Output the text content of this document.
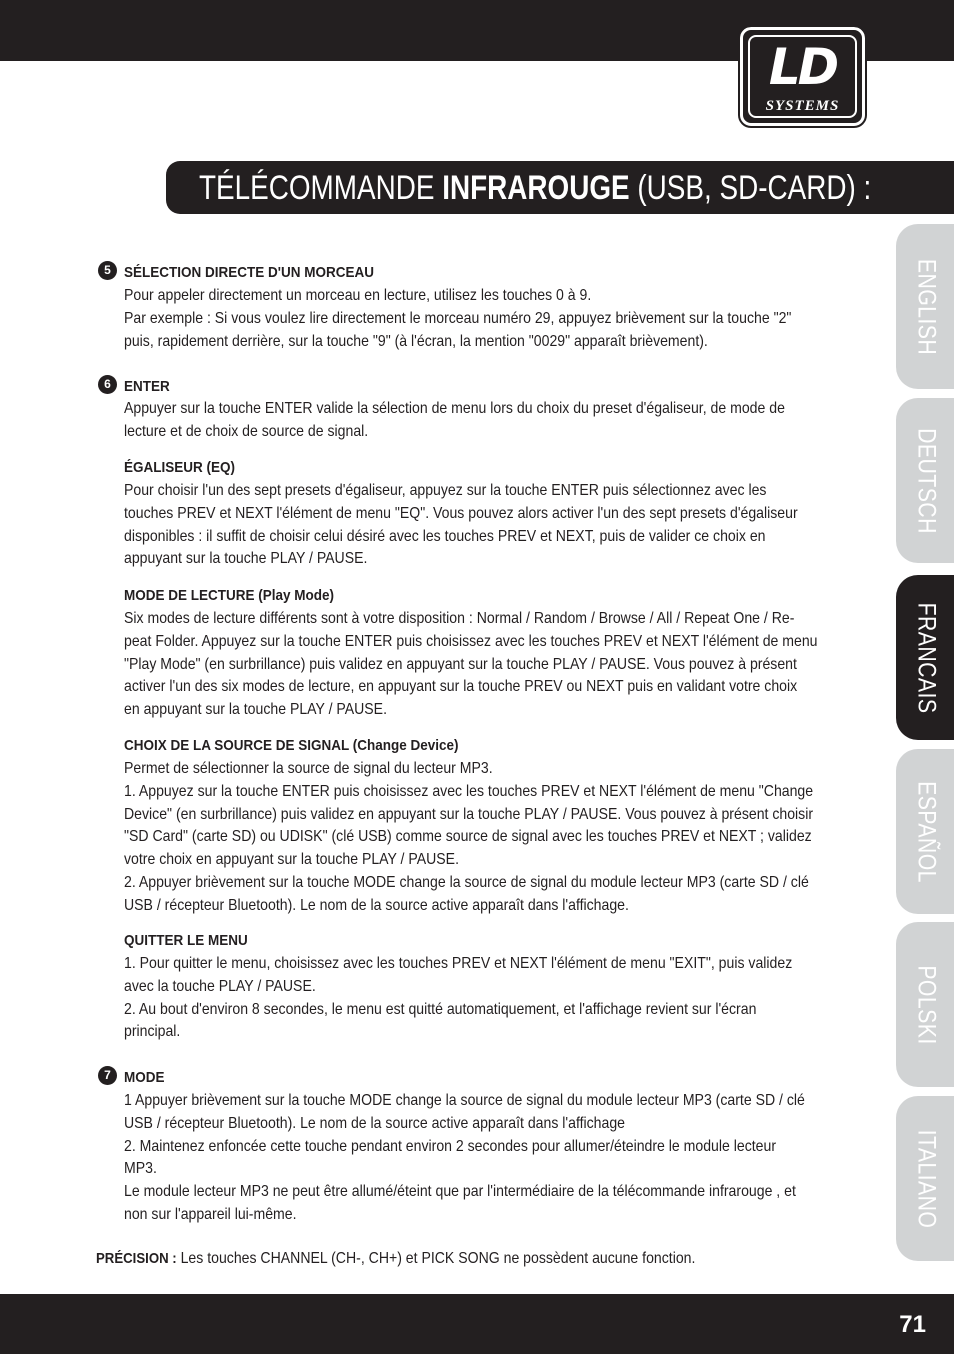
LD
SYSTEMS
TÉLÉCOMMANDE INFRAROUGE (USB, SD-CARD) :
ENGLISH
DEUTSCH
FRANCAIS
ESPAÑOL
POLSKI
ITALIANO
5 SÉLECTION DIRECTE D'UN MORCEAU
Pour appeler directement un morceau en lecture, utilisez les touches 0 à 9.
Par exemple : Si vous voulez lire directement le morceau numéro 29, appuyez brièvement sur la touche "2"
puis, rapidement derrière, sur la touche "9" (à l'écran, la mention "0029" apparaît brièvement).
6 ENTER
Appuyer sur la touche ENTER valide la sélection de menu lors du choix du preset d'égaliseur, de mode de
lecture et de choix de source de signal.
ÉGALISEUR (EQ)
Pour choisir l'un des sept presets d'égaliseur, appuyez sur la touche ENTER puis sélectionnez avec les
touches PREV et NEXT l'élément de menu "EQ". Vous pouvez alors activer l'un des sept presets d'égaliseur
disponibles : il suffit de choisir celui désiré avec les touches PREV et NEXT, puis de valider ce choix en
appuyant sur la touche PLAY / PAUSE.
MODE DE LECTURE (Play Mode)
Six modes de lecture différents sont à votre disposition : Normal / Random / Browse / All / Repeat One / Re-
peat Folder. Appuyez sur la touche ENTER puis choisissez avec les touches PREV et NEXT l'élément de menu
"Play Mode" (en surbrillance) puis validez en appuyant sur la touche PLAY / PAUSE. Vous pouvez à présent
activer l'un des six modes de lecture, en appuyant sur la touche PREV ou NEXT puis en validant votre choix
en appuyant sur la touche PLAY / PAUSE.
CHOIX DE LA SOURCE DE SIGNAL (Change Device)
Permet de sélectionner la source de signal du lecteur MP3.
1. Appuyez sur la touche ENTER puis choisissez avec les touches PREV et NEXT l'élément de menu "Change
Device" (en surbrillance) puis validez en appuyant sur la touche PLAY / PAUSE. Vous pouvez à présent choisir
"SD Card" (carte SD) ou UDISK" (clé USB) comme source de signal avec les touches PREV et NEXT ; validez
votre choix en appuyant sur la touche PLAY / PAUSE.
2. Appuyer brièvement sur la touche MODE change la source de signal du module lecteur MP3 (carte SD / clé
USB / récepteur Bluetooth). Le nom de la source active apparaît dans l'affichage.
QUITTER LE MENU
1. Pour quitter le menu, choisissez avec les touches PREV et NEXT l'élément de menu "EXIT", puis validez
avec la touche PLAY / PAUSE.
2. Au bout d'environ 8 secondes, le menu est quitté automatiquement, et l'affichage revient sur l'écran
principal.
7 MODE
1 Appuyer brièvement sur la touche MODE change la source de signal du module lecteur MP3 (carte SD / clé
USB / récepteur Bluetooth). Le nom de la source active apparaît dans l'affichage
2. Maintenez enfoncée cette touche pendant environ 2 secondes pour allumer/éteindre le module lecteur
MP3.
Le module lecteur MP3 ne peut être allumé/éteint que par l'intermédiaire de la télécommande infrarouge , et
non sur l'appareil lui-même.
PRÉCISION : Les touches CHANNEL (CH-, CH+) et PICK SONG ne possèdent aucune fonction.
71
